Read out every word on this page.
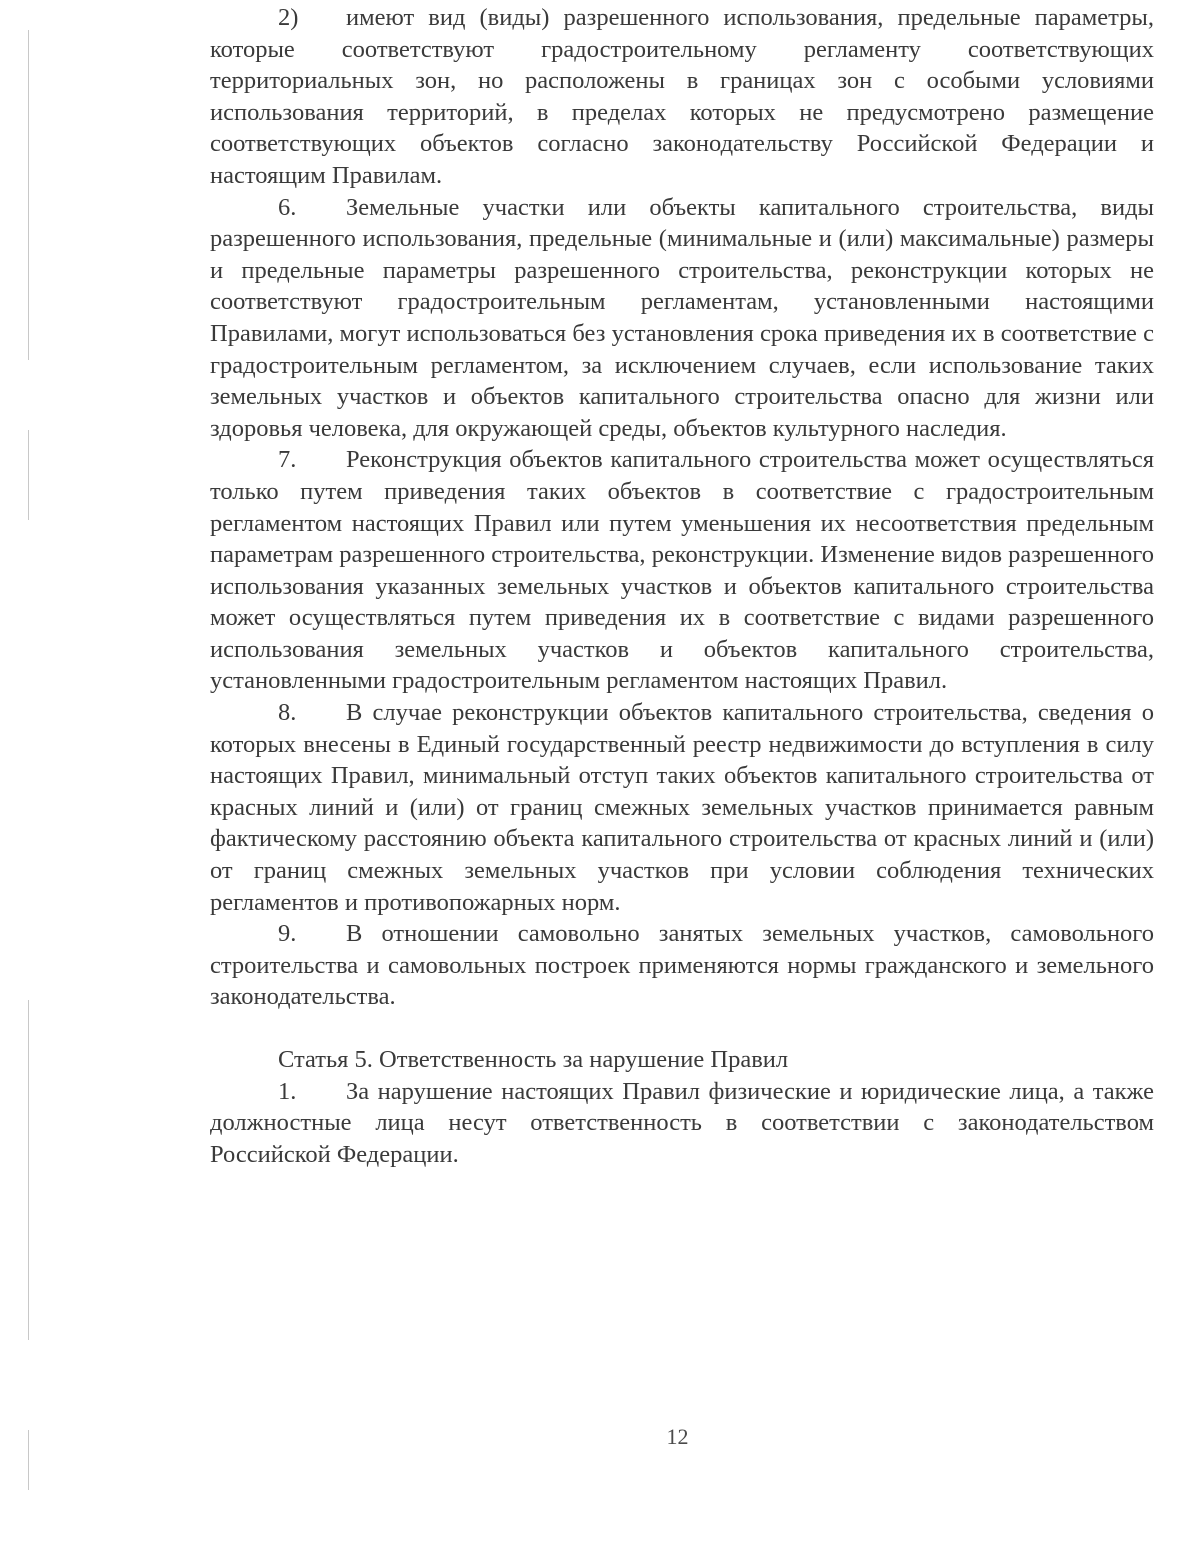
2) имеют вид (виды) разрешенного использования, предельные параметры, которые соответствуют градостроительному регламенту соответствующих территориальных зон, но расположены в границах зон с особыми условиями использования территорий, в пределах которых не предусмотрено размещение соответствующих объектов согласно законодательству Российской Федерации и настоящим Правилам.

6. Земельные участки или объекты капитального строительства, виды разрешенного использования, предельные (минимальные и (или) максимальные) размеры и предельные параметры разрешенного строительства, реконструкции которых не соответствуют градостроительным регламентам, установленными настоящими Правилами, могут использоваться без установления срока приведения их в соответствие с градостроительным регламентом, за исключением случаев, если использование таких земельных участков и объектов капитального строительства опасно для жизни или здоровья человека, для окружающей среды, объектов культурного наследия.

7. Реконструкция объектов капитального строительства может осуществляться только путем приведения таких объектов в соответствие с градостроительным регламентом настоящих Правил или путем уменьшения их несоответствия предельным параметрам разрешенного строительства, реконструкции. Изменение видов разрешенного использования указанных земельных участков и объектов капитального строительства может осуществляться путем приведения их в соответствие с видами разрешенного использования земельных участков и объектов капитального строительства, установленными градостроительным регламентом настоящих Правил.

8. В случае реконструкции объектов капитального строительства, сведения о которых внесены в Единый государственный реестр недвижимости до вступления в силу настоящих Правил, минимальный отступ таких объектов капитального строительства от красных линий и (или) от границ смежных земельных участков принимается равным фактическому расстоянию объекта капитального строительства от красных линий и (или) от границ смежных земельных участков при условии соблюдения технических регламентов и противопожарных норм.

9. В отношении самовольно занятых земельных участков, самовольного строительства и самовольных построек применяются нормы гражданского и земельного законодательства.

Статья 5. Ответственность за нарушение Правил

1. За нарушение настоящих Правил физические и юридические лица, а также должностные лица несут ответственность в соответствии с законодательством Российской Федерации.

12
